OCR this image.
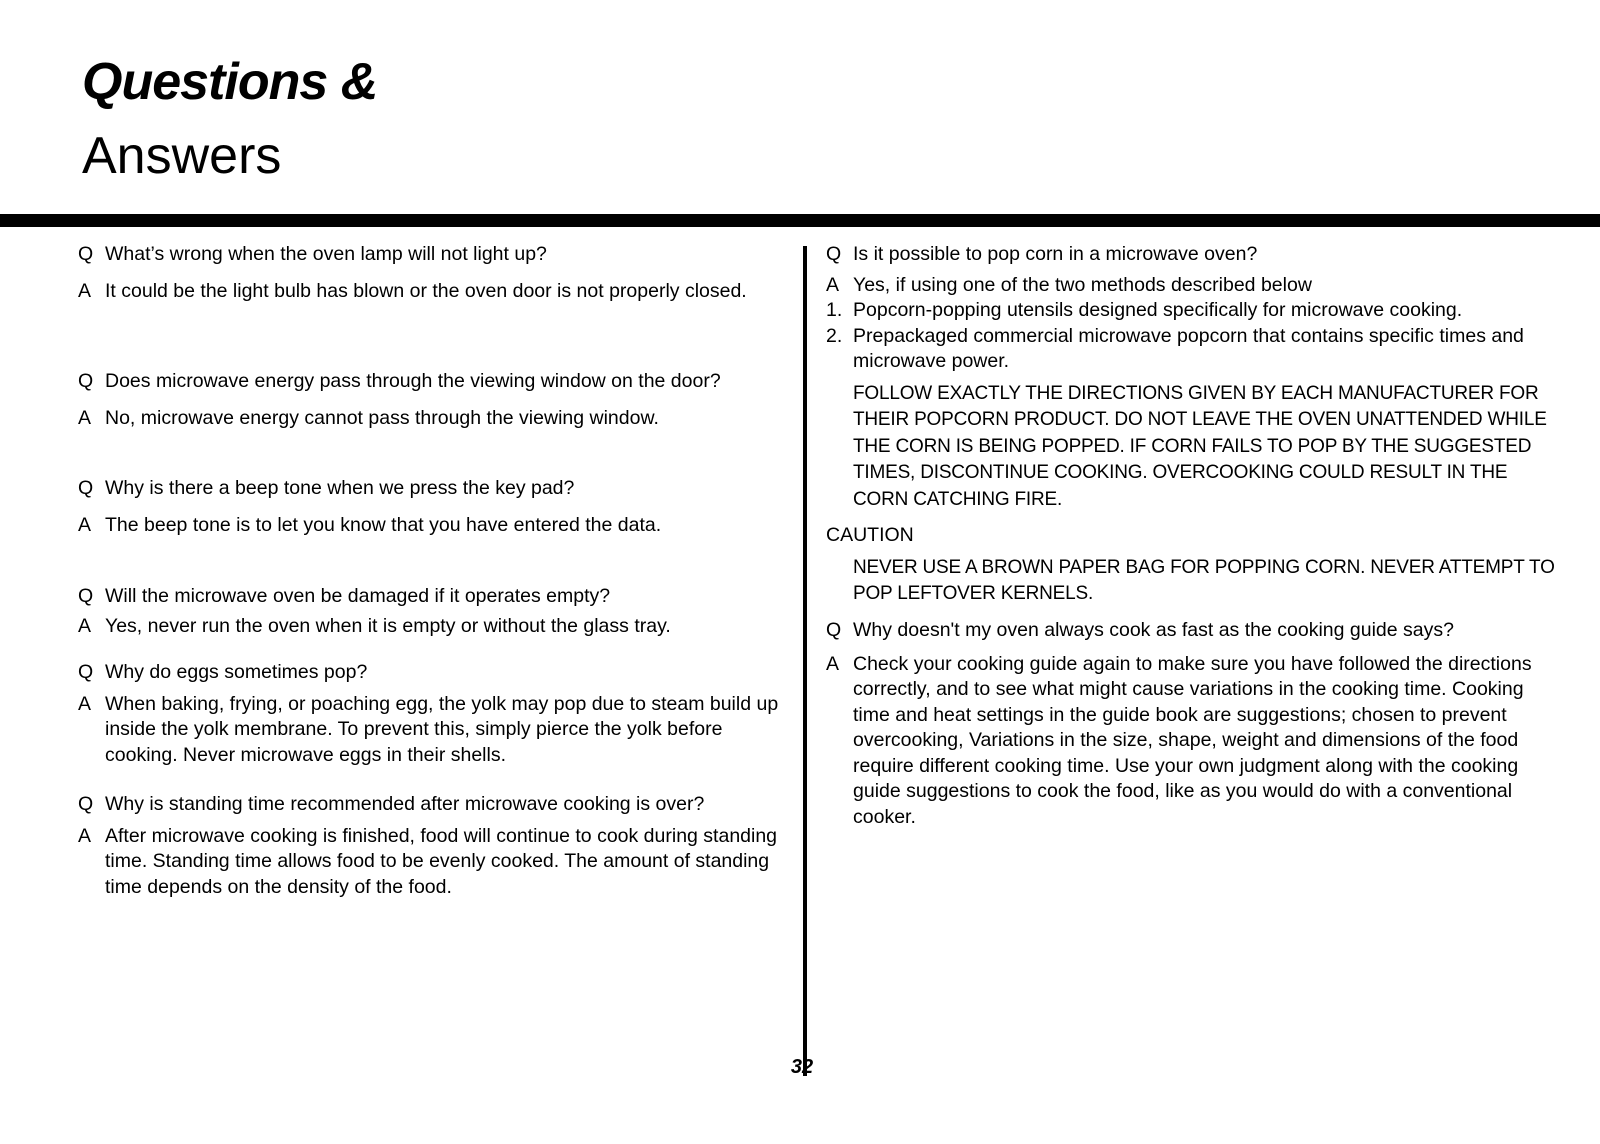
Questions &
Answers
Q What’s wrong when the oven lamp will not light up?
A It could be the light bulb has blown or the oven door is not properly closed.
Q Does microwave energy pass through the viewing window on the door?
A No, microwave energy cannot pass through the viewing window.
Q Why is there a beep tone when we press the key pad?
A The beep tone is to let you know that you have entered the data.
Q Will the microwave oven be damaged if it operates empty?
A Yes, never run the oven when it is empty or without the glass tray.
Q Why do eggs sometimes pop?
A When baking, frying, or poaching egg, the yolk may pop due to steam build up inside the yolk membrane. To prevent this, simply pierce the yolk before cooking. Never microwave eggs in their shells.
Q Why is standing time recommended after microwave cooking is over?
A After microwave cooking is finished, food will continue to cook during standing time. Standing time allows food to be evenly cooked. The amount of standing time depends on the density of the food.
Q Is it possible to pop corn in a microwave oven?
A Yes, if using one of the two methods described below
1. Popcorn-popping utensils designed specifically for microwave cooking.
2. Prepackaged commercial microwave popcorn that contains specific times and microwave power.
FOLLOW EXACTLY THE DIRECTIONS GIVEN BY EACH MANUFACTURER FOR THEIR POPCORN PRODUCT. DO NOT LEAVE THE OVEN UNATTENDED WHILE THE CORN IS BEING POPPED. IF CORN FAILS TO POP BY THE SUGGESTED TIMES, DISCONTINUE COOKING. OVERCOOKING COULD RESULT IN THE CORN CATCHING FIRE.
CAUTION
NEVER USE A BROWN PAPER BAG FOR POPPING CORN. NEVER ATTEMPT TO POP LEFTOVER KERNELS.
Q Why doesn't my oven always cook as fast as the cooking guide says?
A Check your cooking guide again to make sure you have followed the directions correctly, and to see what might cause variations in the cooking time. Cooking time and heat settings in the guide book are suggestions; chosen to prevent overcooking, Variations in the size, shape, weight and dimensions of the food require different cooking time. Use your own judgment along with the cooking guide suggestions to cook the food, like as you would do with a conventional cooker.
32
